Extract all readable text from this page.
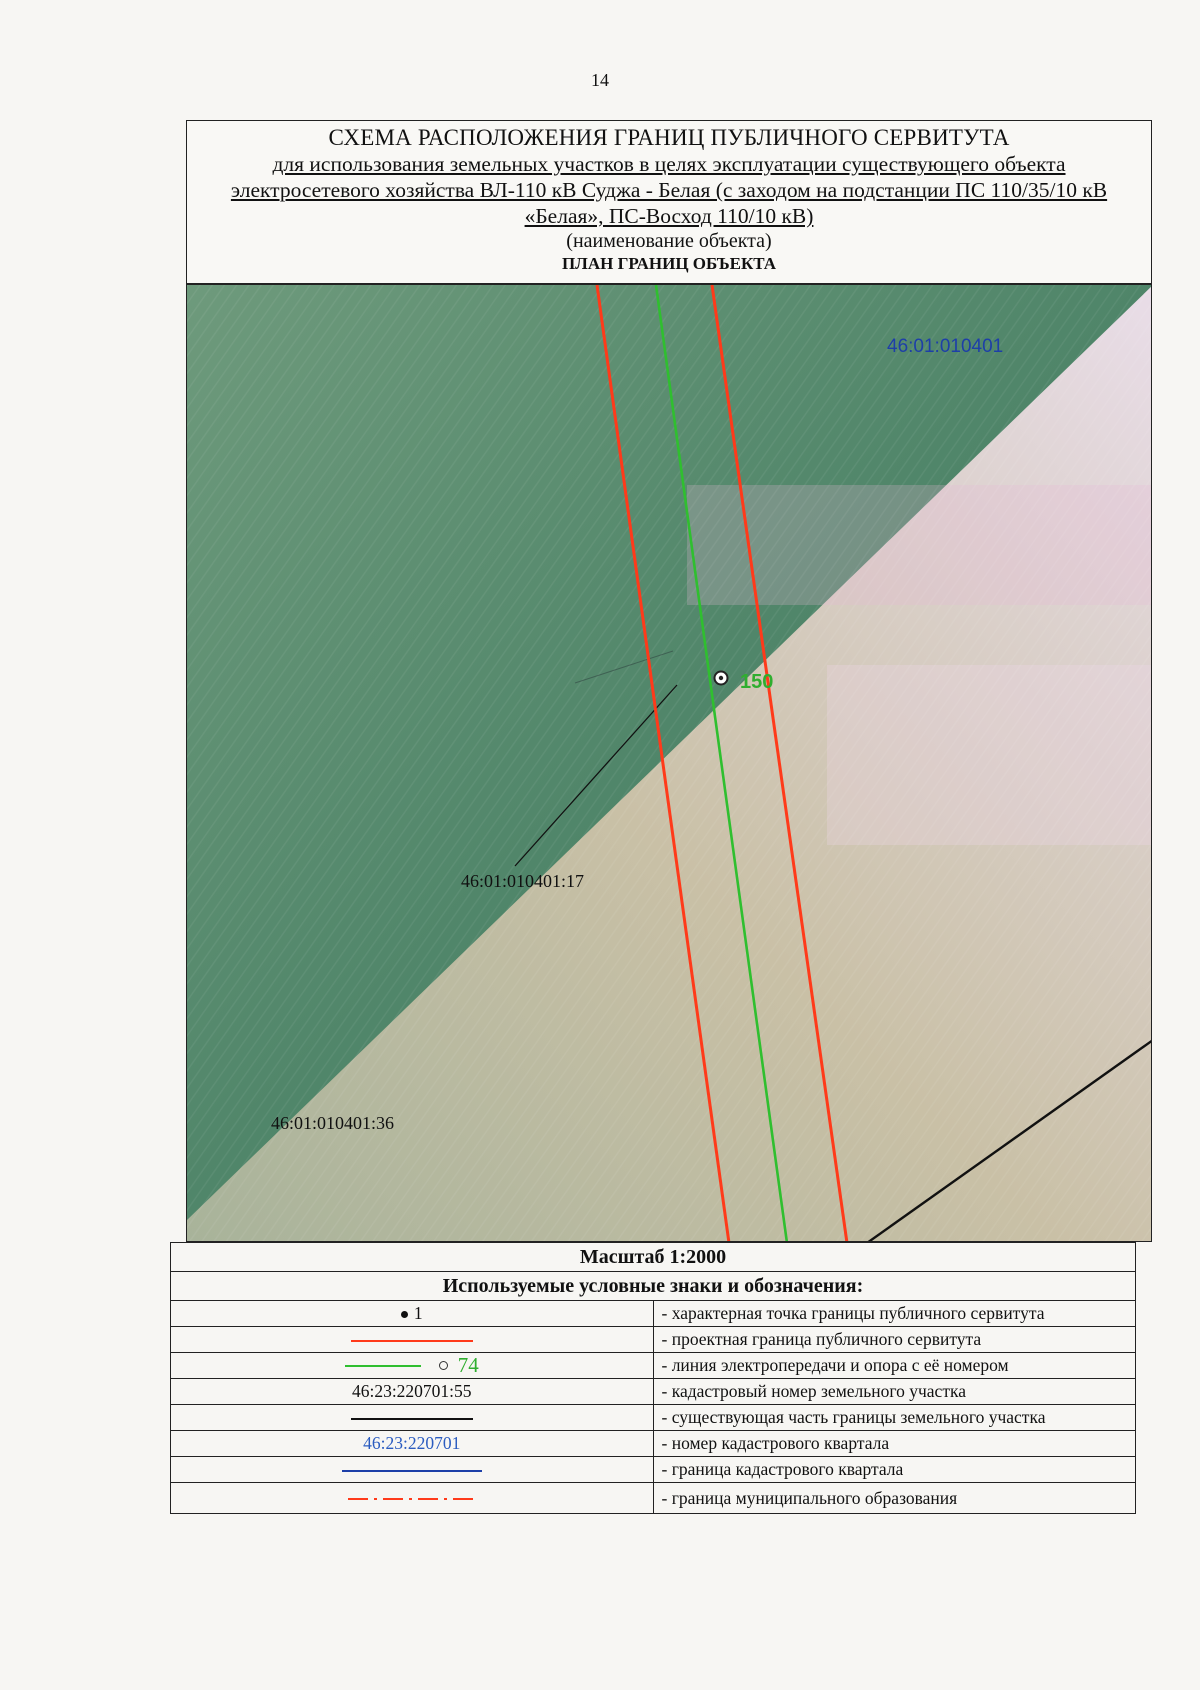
14
СХЕМА РАСПОЛОЖЕНИЯ ГРАНИЦ ПУБЛИЧНОГО СЕРВИТУТА
для использования земельных участков в целях эксплуатации существующего объекта электросетевого хозяйства ВЛ-110 кВ Суджа - Белая (с заходом на подстанции ПС 110/35/10 кВ «Белая», ПС-Восход 110/10 кВ)
(наименование объекта)
ПЛАН ГРАНИЦ ОБЪЕКТА
46:01:010401
46:01:010401:17
46:01:010401:36
150
Масштаб 1:2000	
Используемые условные знаки и обозначения:	
1	- характерная точка границы публичного сервитута
	- проектная граница публичного сервитута
74	- линия электропередачи и опора с её номером
46:23:220701:55	- кадастровый номер земельного участка
	- существующая часть границы земельного участка
46:23:220701	- номер кадастрового квартала
	- граница кадастрового квартала
	- граница муниципального образования
